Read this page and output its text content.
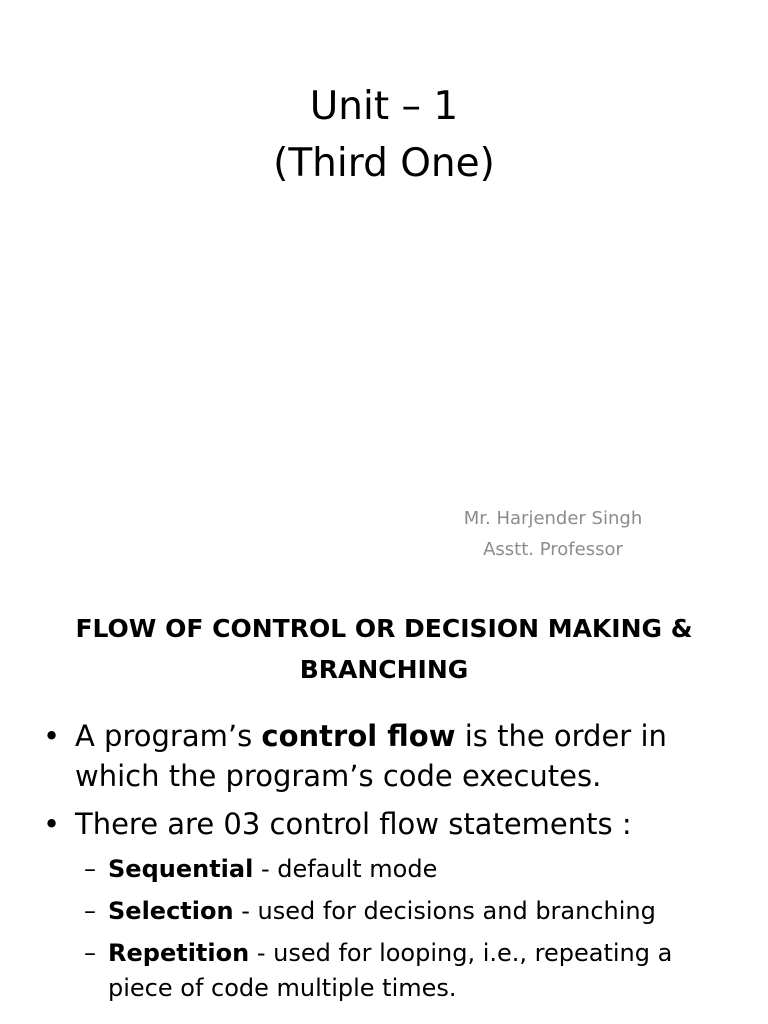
Unit – 1
(Third One)
Mr. Harjender Singh
Asstt. Professor
FLOW OF CONTROL OR DECISION MAKING & BRANCHING
• A program’s control flow is the order in which the program’s code executes.
• There are 03 control flow statements :
– Sequential - default mode
– Selection - used for decisions and branching
– Repetition - used for looping, i.e., repeating a piece of code multiple times.
